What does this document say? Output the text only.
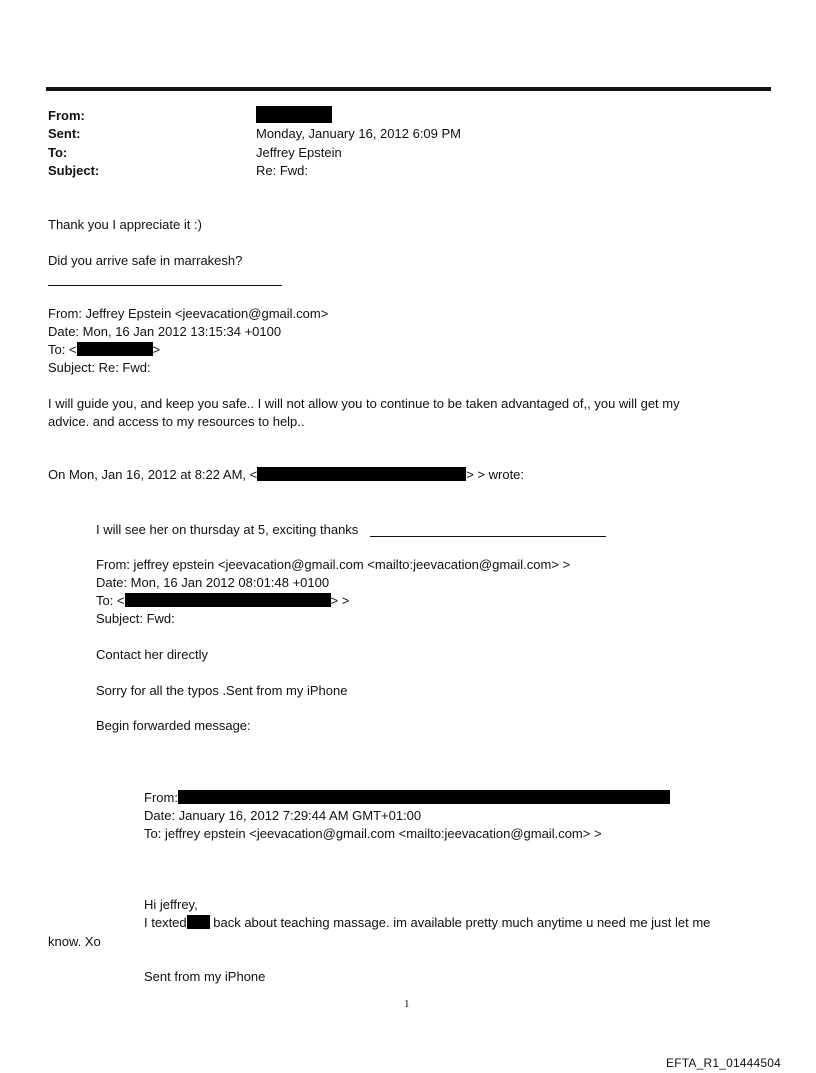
From:
Sent:	Monday, January 16, 2012 6:09 PM
To:	Jeffrey Epstein
Subject:	Re: Fwd:
Thank you I appreciate it :)
Did you arrive safe in marrakesh?
From: Jeffrey Epstein <jeevacation@gmail.com>
Date: Mon, 16 Jan 2012 13:15:34 +0100
To: <	>
Subject: Re: Fwd:
I will guide you, and keep you safe.. I will not allow you to continue to be taken advantaged of,, you will get my
advice. and access to my resources to help..
On Mon, Jan 16, 2012 at 8:22 AM, <	> > wrote:
I will see her on thursday at 5, exciting thanks
From: jeffrey epstein <jeevacation@gmail.com <mailto:jeevacation@gmail.com> >
Date: Mon, 16 Jan 2012 08:01:48 +0100
To: <	> >
Subject: Fwd:
Contact her directly
Sorry for all the typos .Sent from my iPhone
Begin forwarded message:
From:
Date: January 16, 2012 7:29:44 AM GMT+01:00
To: jeffrey epstein <jeevacation@gmail.com <mailto:jeevacation@gmail.com> >
Hi jeffrey,
I texted back about teaching massage. im available pretty much anytime u need me just let me
know. Xo
Sent from my iPhone
1
EFTA_R1_01444504
